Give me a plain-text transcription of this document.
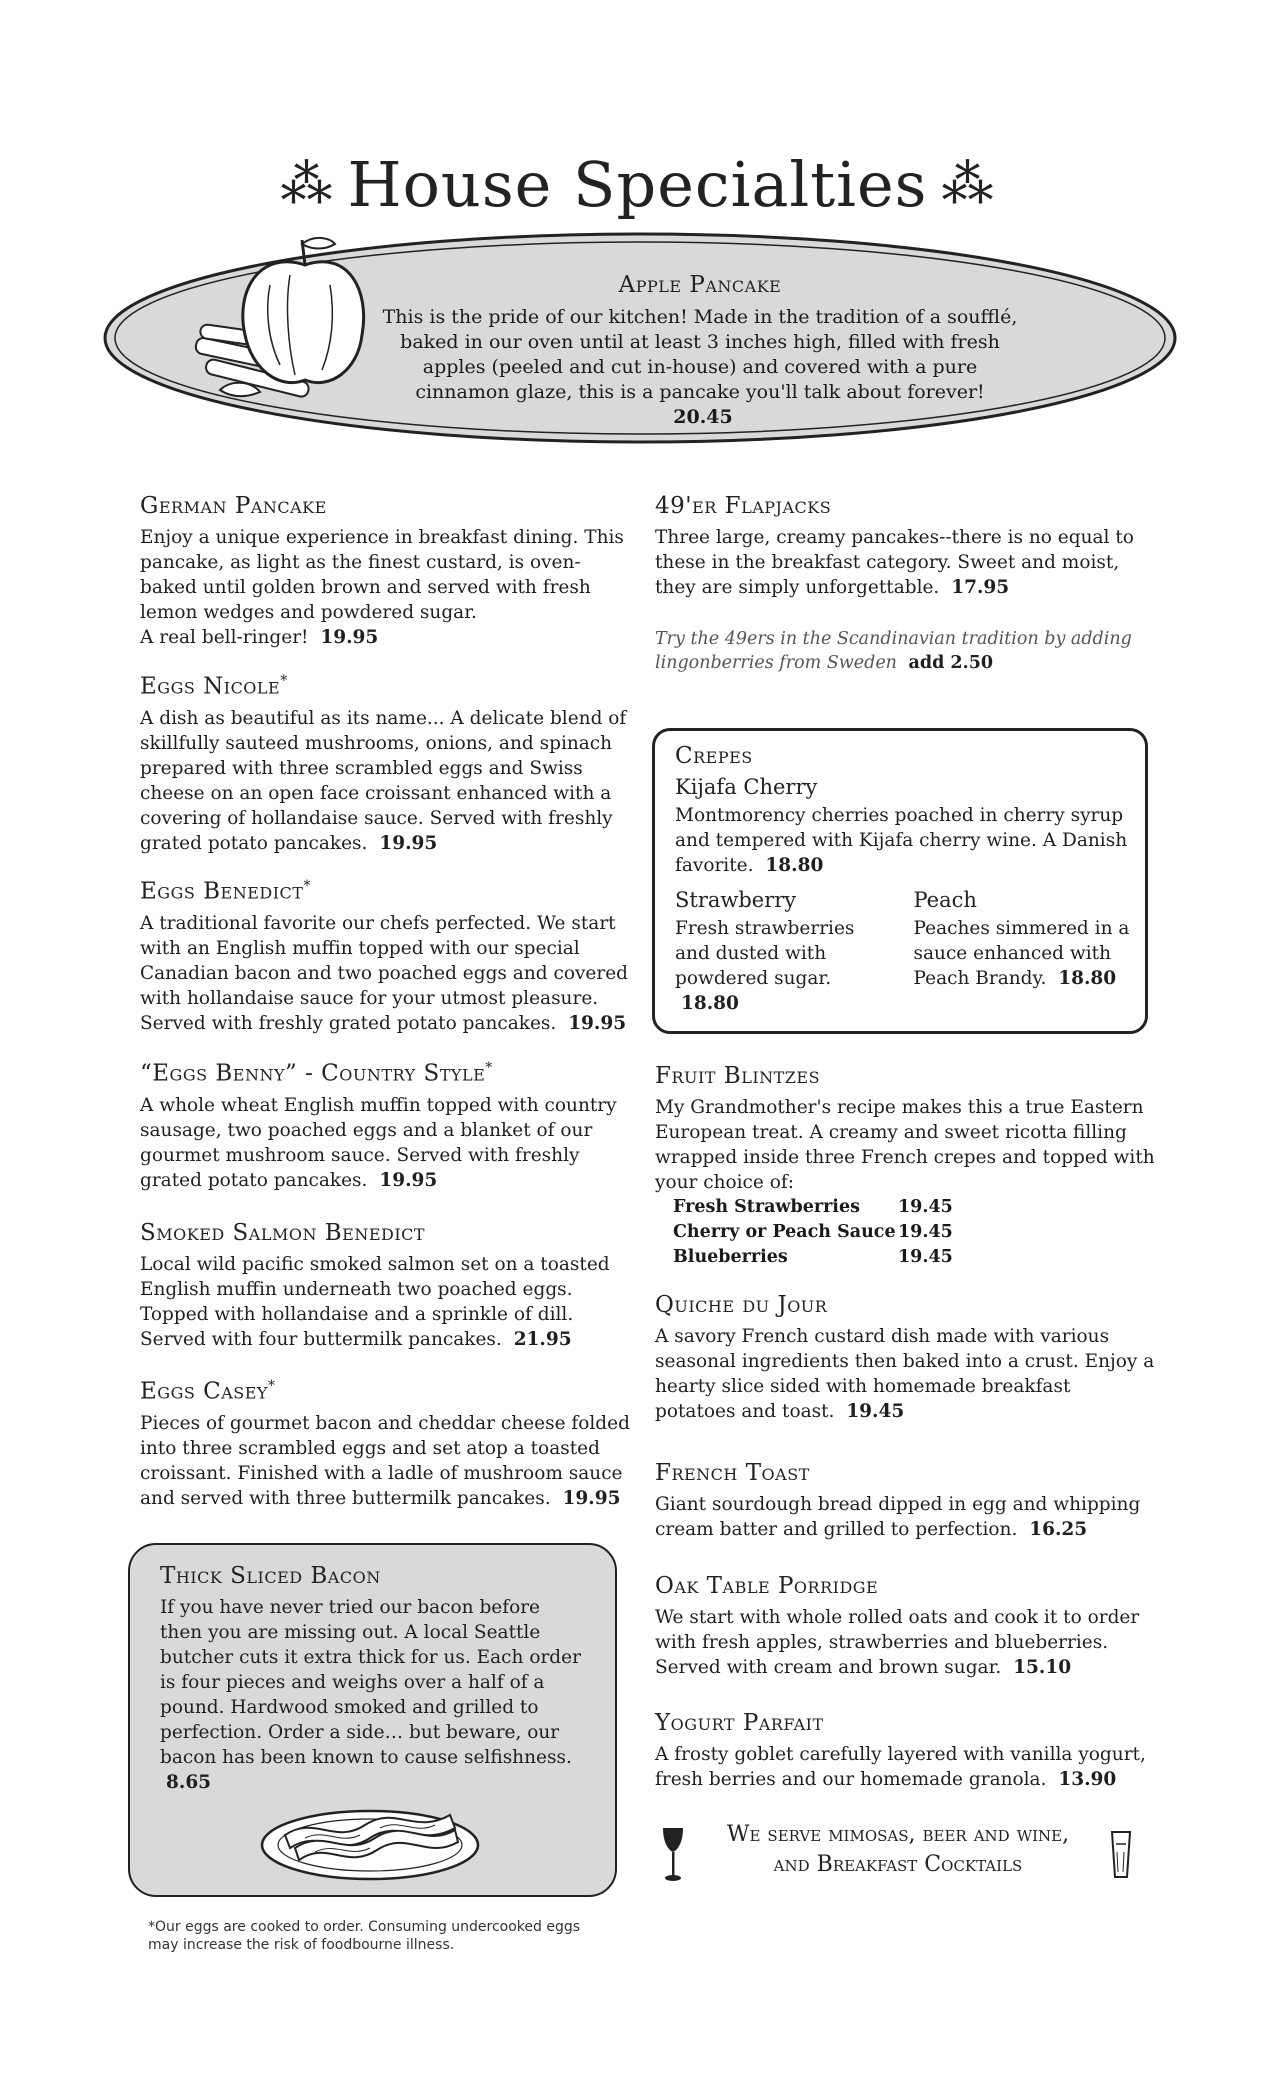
⁂ House Specialties ⁂
Apple Pancake
This is the pride of our kitchen! Made in the tradition of a soufflé, baked in our oven until at least 3 inches high, filled with fresh apples (peeled and cut in-house) and covered with a pure cinnamon glaze, this is a pancake you'll talk about forever! 20.45
German Pancake

Enjoy a unique experience in breakfast dining. This pancake, as light as the finest custard, is oven-baked until golden brown and served with fresh lemon wedges and powdered sugar.
A real bell-ringer! 19.95

Eggs Nicole*

A dish as beautiful as its name... A delicate blend of skillfully sauteed mushrooms, onions, and spinach prepared with three scrambled eggs and Swiss cheese on an open face croissant enhanced with a covering of hollandaise sauce. Served with freshly grated potato pancakes. 19.95

Eggs Benedict*

A traditional favorite our chefs perfected. We start with an English muffin topped with our special Canadian bacon and two poached eggs and covered with hollandaise sauce for your utmost pleasure. Served with freshly grated potato pancakes. 19.95

“Eggs Benny” - Country Style*

A whole wheat English muffin topped with country sausage, two poached eggs and a blanket of our gourmet mushroom sauce. Served with freshly grated potato pancakes. 19.95

Smoked Salmon Benedict

Local wild pacific smoked salmon set on a toasted English muffin underneath two poached eggs. Topped with hollandaise and a sprinkle of dill. Served with four buttermilk pancakes. 21.95

Eggs Casey*

Pieces of gourmet bacon and cheddar cheese folded into three scrambled eggs and set atop a toasted croissant. Finished with a ladle of mushroom sauce and served with three buttermilk pancakes. 19.95

Thick Sliced Bacon

If you have never tried our bacon before then you are missing out. A local Seattle butcher cuts it extra thick for us. Each order is four pieces and weighs over a half of a pound. Hardwood smoked and grilled to perfection. Order a side… but beware, our bacon has been known to cause selfishness. 8.65

*Our eggs are cooked to order. Consuming undercooked eggs may increase the risk of foodbourne illness.
49'er Flapjacks

Three large, creamy pancakes--there is no equal to these in the breakfast category. Sweet and moist, they are simply unforgettable. 17.95

Try the 49ers in the Scandinavian tradition by adding lingonberries from Sweden add 2.50
Crepes
Kijafa Cherry

Montmorency cherries poached in cherry syrup and tempered with Kijafa cherry wine. A Danish favorite. 18.80

Strawberry

Fresh strawberries and dusted with powdered sugar. 18.80

Peach

Peaches simmered in a sauce enhanced with Peach Brandy. 18.80

Fruit Blintzes

My Grandmother's recipe makes this a true Eastern European treat. A creamy and sweet ricotta filling wrapped inside three French crepes and topped with your choice of:

Fresh Strawberries	19.45
Cherry or Peach Sauce 19.45
Blueberries	19.45
Quiche du Jour

A savory French custard dish made with various seasonal ingredients then baked into a crust. Enjoy a hearty slice sided with homemade breakfast potatoes and toast. 19.45

French Toast

Giant sourdough bread dipped in egg and whipping cream batter and grilled to perfection. 16.25

Oak Table Porridge

We start with whole rolled oats and cook it to order with fresh apples, strawberries and blueberries. Served with cream and brown sugar. 15.10

Yogurt Parfait

A frosty goblet carefully layered with vanilla yogurt, fresh berries and our homemade granola. 13.90

We serve mimosas, beer and wine,
and Breakfast Cocktails
